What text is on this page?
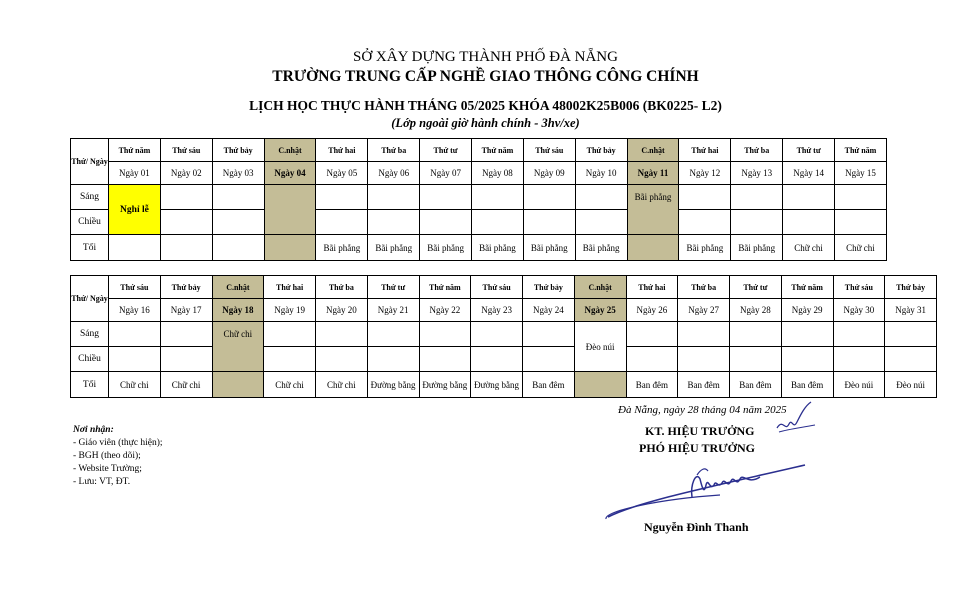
SỞ XÂY DỰNG THÀNH PHỐ ĐÀ NẴNG
TRƯỜNG TRUNG CẤP NGHỀ GIAO THÔNG CÔNG CHÍNH
LỊCH HỌC THỰC HÀNH THÁNG 05/2025 KHÓA 48002K25B006 (BK0225- L2)
(Lớp ngoài giờ hành chính - 3hv/xe)
Thứ/ Ngày	Thứ năm	Thứ sáu	Thứ bảy	C.nhật	Thứ hai	Thứ ba	Thứ tư	Thứ năm	Thứ sáu	Thứ bảy	C.nhật	Thứ hai	Thứ ba	Thứ tư	Thứ năm
	Ngày 01	Ngày 02	Ngày 03	Ngày 04	Ngày 05	Ngày 06	Ngày 07	Ngày 08	Ngày 09	Ngày 10	Ngày 11	Ngày 12	Ngày 13	Ngày 14	Ngày 15
Sáng	Nghỉ lễ										Bãi phẳng				
Chiều															
Tối					Bãi phẳng	Bãi phẳng	Bãi phẳng	Bãi phẳng	Bãi phẳng	Bãi phẳng		Bãi phẳng	Bãi phẳng	Chữ chi	Chữ chi
Thứ/ Ngày	Thứ sáu	Thứ bảy	C.nhật	Thứ hai	Thứ ba	Thứ tư	Thứ năm	Thứ sáu	Thứ bảy	C.nhật	Thứ hai	Thứ ba	Thứ tư	Thứ năm	Thứ sáu	Thứ bảy
	Ngày 16	Ngày 17	Ngày 18	Ngày 19	Ngày 20	Ngày 21	Ngày 22	Ngày 23	Ngày 24	Ngày 25	Ngày 26	Ngày 27	Ngày 28	Ngày 29	Ngày 30	Ngày 31
Sáng			Chữ chi							Đèo núi						
Chiều																
Tối	Chữ chi	Chữ chi		Chữ chi	Chữ chi	Đường bằng	Đường bằng	Đường bằng	Ban đêm		Ban đêm	Ban đêm	Ban đêm	Ban đêm	Đèo núi	Đèo núi
Nơi nhận:
- Giáo viên (thực hiện);
- BGH (theo dõi);
- Website Trường;
- Lưu: VT, ĐT.
Đà Nẵng, ngày 28 tháng 04 năm 2025
KT. HIỆU TRƯỞNG
PHÓ HIỆU TRƯỞNG
Nguyễn Đình Thanh
